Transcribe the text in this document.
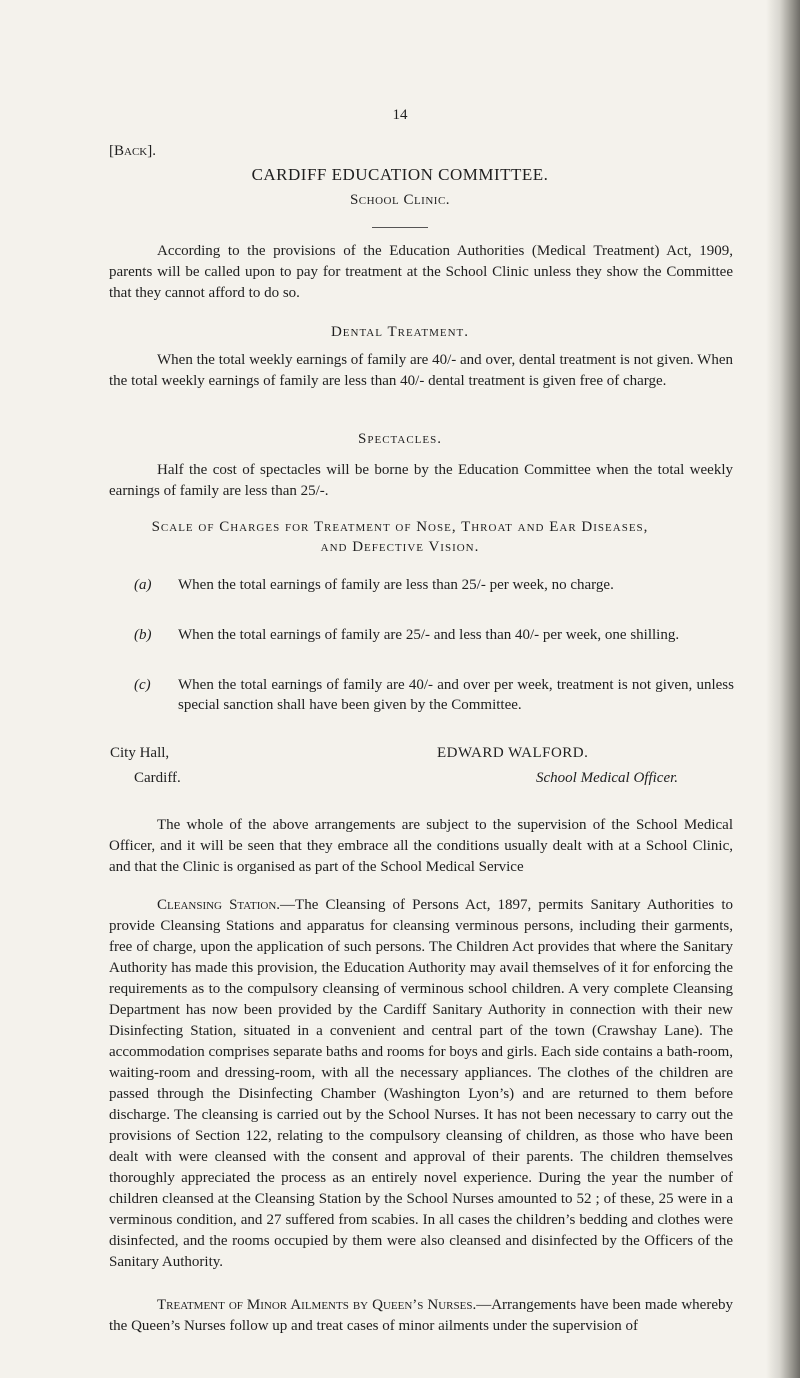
14
[Back].
CARDIFF EDUCATION COMMITTEE.
School Clinic.
According to the provisions of the Education Authorities (Medical Treatment) Act, 1909, parents will be called upon to pay for treatment at the School Clinic unless they show the Committee that they cannot afford to do so.
Dental Treatment.
When the total weekly earnings of family are 40/- and over, dental treatment is not given. When the total weekly earnings of family are less than 40/- dental treatment is given free of charge.
Spectacles.
Half the cost of spectacles will be borne by the Education Committee when the total weekly earnings of family are less than 25/-.
Scale of Charges for Treatment of Nose, Throat and Ear Diseases,
and Defective Vision.
(a) When the total earnings of family are less than 25/- per week, no charge.
(b) When the total earnings of family are 25/- and less than 40/- per week, one shilling.
(c) When the total earnings of family are 40/- and over per week, treatment is not given, unless special sanction shall have been given by the Committee.
City Hall,
Cardiff.
EDWARD WALFORD.
School Medical Officer.
The whole of the above arrangements are subject to the supervision of the School Medical Officer, and it will be seen that they embrace all the conditions usually dealt with at a School Clinic, and that the Clinic is organised as part of the School Medical Service
Cleansing Station.—The Cleansing of Persons Act, 1897, permits Sanitary Authorities to provide Cleansing Stations and apparatus for cleansing verminous persons, including their garments, free of charge, upon the application of such persons. The Children Act provides that where the Sanitary Authority has made this provision, the Education Authority may avail themselves of it for enforcing the requirements as to the compulsory cleansing of verminous school children. A very complete Cleansing Department has now been provided by the Cardiff Sanitary Authority in connection with their new Disinfecting Station, situated in a convenient and central part of the town (Crawshay Lane). The accommodation comprises separate baths and rooms for boys and girls. Each side contains a bath-room, waiting-room and dressing-room, with all the necessary appliances. The clothes of the children are passed through the Disinfecting Chamber (Washington Lyon’s) and are returned to them before discharge. The cleansing is carried out by the School Nurses. It has not been necessary to carry out the provisions of Section 122, relating to the compulsory cleansing of children, as those who have been dealt with were cleansed with the consent and approval of their parents. The children themselves thoroughly appreciated the process as an entirely novel experience. During the year the number of children cleansed at the Cleansing Station by the School Nurses amounted to 52 ; of these, 25 were in a verminous condition, and 27 suffered from scabies. In all cases the children’s bedding and clothes were disinfected, and the rooms occupied by them were also cleansed and disinfected by the Officers of the Sanitary Authority.
Treatment of Minor Ailments by Queen’s Nurses.—Arrangements have been made whereby the Queen’s Nurses follow up and treat cases of minor ailments under the supervision of
